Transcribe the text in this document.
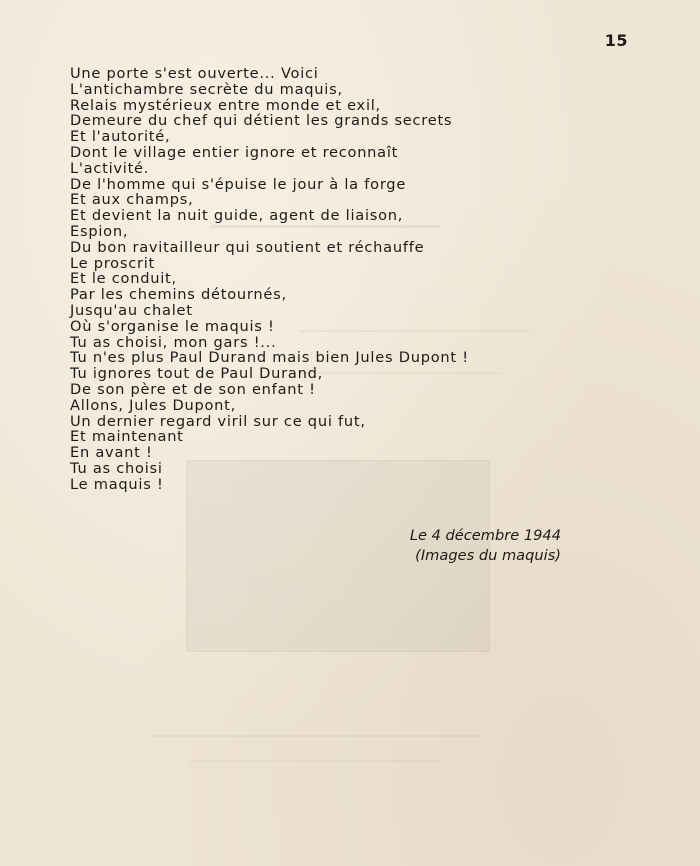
15
Une porte s'est ouverte... Voici
L'antichambre secrète du maquis,
Relais mystérieux entre monde et exil,
Demeure du chef qui détient les grands secrets
Et l'autorité,
Dont le village entier ignore et reconnaît
L'activité.
De l'homme qui s'épuise le jour à la forge
Et aux champs,
Et devient la nuit guide, agent de liaison,
Espion,
Du bon ravitailleur qui soutient et réchauffe
Le proscrit
Et le conduit,
Par les chemins détournés,
Jusqu'au chalet
Où s'organise le maquis !
Tu as choisi, mon gars !...
Tu n'es plus Paul Durand mais bien Jules Dupont !
Tu ignores tout de Paul Durand,
De son père et de son enfant !
Allons, Jules Dupont,
Un dernier regard viril sur ce qui fut,
Et maintenant
En avant !
Tu as choisi
Le maquis !
Le 4 décembre 1944
(Images du maquis)
